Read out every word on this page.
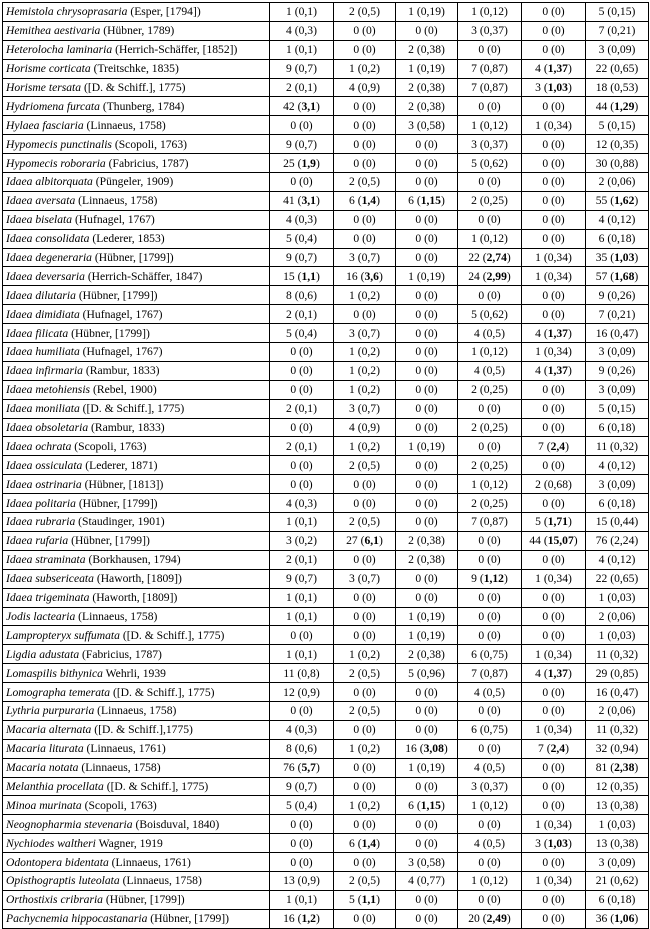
Hemistola chrysoprasaria (Esper, [1794])	1 (0,1)	2 (0,5)	1 (0,19)	1 (0,12)	0 (0)	5 (0,15)
Hemithea aestivaria (Hübner, 1789)	4 (0,3)	0 (0)	0 (0)	3 (0,37)	0 (0)	7 (0,21)
Heterolocha laminaria (Herrich-Schäffer, [1852])	1 (0,1)	0 (0)	2 (0,38)	0 (0)	0 (0)	3 (0,09)
Horisme corticata (Treitschke, 1835)	9 (0,7)	1 (0,2)	1 (0,19)	7 (0,87)	4 (1,37)	22 (0,65)
Horisme tersata ([D. & Schiff.], 1775)	2 (0,1)	4 (0,9)	2 (0,38)	7 (0,87)	3 (1,03)	18 (0,53)
Hydriomena furcata (Thunberg, 1784)	42 (3,1)	0 (0)	2 (0,38)	0 (0)	0 (0)	44 (1,29)
Hylaea fasciaria (Linnaeus, 1758)	0 (0)	0 (0)	3 (0,58)	1 (0,12)	1 (0,34)	5 (0,15)
Hypomecis punctinalis (Scopoli, 1763)	9 (0,7)	0 (0)	0 (0)	3 (0,37)	0 (0)	12 (0,35)
Hypomecis roboraria (Fabricius, 1787)	25 (1,9)	0 (0)	0 (0)	5 (0,62)	0 (0)	30 (0,88)
Idaea albitorquata (Püngeler, 1909)	0 (0)	2 (0,5)	0 (0)	0 (0)	0 (0)	2 (0,06)
Idaea aversata (Linnaeus, 1758)	41 (3,1)	6 (1,4)	6 (1,15)	2 (0,25)	0 (0)	55 (1,62)
Idaea biselata (Hufnagel, 1767)	4 (0,3)	0 (0)	0 (0)	0 (0)	0 (0)	4 (0,12)
Idaea consolidata (Lederer, 1853)	5 (0,4)	0 (0)	0 (0)	1 (0,12)	0 (0)	6 (0,18)
Idaea degeneraria (Hübner, [1799])	9 (0,7)	3 (0,7)	0 (0)	22 (2,74)	1 (0,34)	35 (1,03)
Idaea deversaria (Herrich-Schäffer, 1847)	15 (1,1)	16 (3,6)	1 (0,19)	24 (2,99)	1 (0,34)	57 (1,68)
Idaea dilutaria (Hübner, [1799])	8 (0,6)	1 (0,2)	0 (0)	0 (0)	0 (0)	9 (0,26)
Idaea dimidiata (Hufnagel, 1767)	2 (0,1)	0 (0)	0 (0)	5 (0,62)	0 (0)	7 (0,21)
Idaea filicata (Hübner, [1799])	5 (0,4)	3 (0,7)	0 (0)	4 (0,5)	4 (1,37)	16 (0,47)
Idaea humiliata (Hufnagel, 1767)	0 (0)	1 (0,2)	0 (0)	1 (0,12)	1 (0,34)	3 (0,09)
Idaea infirmaria (Rambur, 1833)	0 (0)	1 (0,2)	0 (0)	4 (0,5)	4 (1,37)	9 (0,26)
Idaea metohiensis (Rebel, 1900)	0 (0)	1 (0,2)	0 (0)	2 (0,25)	0 (0)	3 (0,09)
Idaea moniliata ([D. & Schiff.], 1775)	2 (0,1)	3 (0,7)	0 (0)	0 (0)	0 (0)	5 (0,15)
Idaea obsoletaria (Rambur, 1833)	0 (0)	4 (0,9)	0 (0)	2 (0,25)	0 (0)	6 (0,18)
Idaea ochrata (Scopoli, 1763)	2 (0,1)	1 (0,2)	1 (0,19)	0 (0)	7 (2,4)	11 (0,32)
Idaea ossiculata (Lederer, 1871)	0 (0)	2 (0,5)	0 (0)	2 (0,25)	0 (0)	4 (0,12)
Idaea ostrinaria (Hübner, [1813])	0 (0)	0 (0)	0 (0)	1 (0,12)	2 (0,68)	3 (0,09)
Idaea politaria (Hübner, [1799])	4 (0,3)	0 (0)	0 (0)	2 (0,25)	0 (0)	6 (0,18)
Idaea rubraria (Staudinger, 1901)	1 (0,1)	2 (0,5)	0 (0)	7 (0,87)	5 (1,71)	15 (0,44)
Idaea rufaria (Hübner, [1799])	3 (0,2)	27 (6,1)	2 (0,38)	0 (0)	44 (15,07)	76 (2,24)
Idaea straminata (Borkhausen, 1794)	2 (0,1)	0 (0)	2 (0,38)	0 (0)	0 (0)	4 (0,12)
Idaea subsericeata (Haworth, [1809])	9 (0,7)	3 (0,7)	0 (0)	9 (1,12)	1 (0,34)	22 (0,65)
Idaea trigeminata (Haworth, [1809])	1 (0,1)	0 (0)	0 (0)	0 (0)	0 (0)	1 (0,03)
Jodis lactearia (Linnaeus, 1758)	1 (0,1)	0 (0)	1 (0,19)	0 (0)	0 (0)	2 (0,06)
Lampropteryx suffumata ([D. & Schiff.], 1775)	0 (0)	0 (0)	1 (0,19)	0 (0)	0 (0)	1 (0,03)
Ligdia adustata (Fabricius, 1787)	1 (0,1)	1 (0,2)	2 (0,38)	6 (0,75)	1 (0,34)	11 (0,32)
Lomaspilis bithynica Wehrli, 1939	11 (0,8)	2 (0,5)	5 (0,96)	7 (0,87)	4 (1,37)	29 (0,85)
Lomographa temerata ([D. & Schiff.], 1775)	12 (0,9)	0 (0)	0 (0)	4 (0,5)	0 (0)	16 (0,47)
Lythria purpuraria (Linnaeus, 1758)	0 (0)	2 (0,5)	0 (0)	0 (0)	0 (0)	2 (0,06)
Macaria alternata ([D. & Schiff.],1775)	4 (0,3)	0 (0)	0 (0)	6 (0,75)	1 (0,34)	11 (0,32)
Macaria liturata (Linnaeus, 1761)	8 (0,6)	1 (0,2)	16 (3,08)	0 (0)	7 (2,4)	32 (0,94)
Macaria notata (Linnaeus, 1758)	76 (5,7)	0 (0)	1 (0,19)	4 (0,5)	0 (0)	81 (2,38)
Melanthia procellata ([D. & Schiff.], 1775)	9 (0,7)	0 (0)	0 (0)	3 (0,37)	0 (0)	12 (0,35)
Minoa murinata (Scopoli, 1763)	5 (0,4)	1 (0,2)	6 (1,15)	1 (0,12)	0 (0)	13 (0,38)
Neognopharmia stevenaria (Boisduval, 1840)	0 (0)	0 (0)	0 (0)	0 (0)	1 (0,34)	1 (0,03)
Nychiodes waltheri Wagner, 1919	0 (0)	6 (1,4)	0 (0)	4 (0,5)	3 (1,03)	13 (0,38)
Odontopera bidentata (Linnaeus, 1761)	0 (0)	0 (0)	3 (0,58)	0 (0)	0 (0)	3 (0,09)
Opisthograptis luteolata (Linnaeus, 1758)	13 (0,9)	2 (0,5)	4 (0,77)	1 (0,12)	1 (0,34)	21 (0,62)
Orthostixis cribraria (Hübner, [1799])	1 (0,1)	5 (1,1)	0 (0)	0 (0)	0 (0)	6 (0,18)
Pachycnemia hippocastanaria (Hübner, [1799])	16 (1,2)	0 (0)	0 (0)	20 (2,49)	0 (0)	36 (1,06)
